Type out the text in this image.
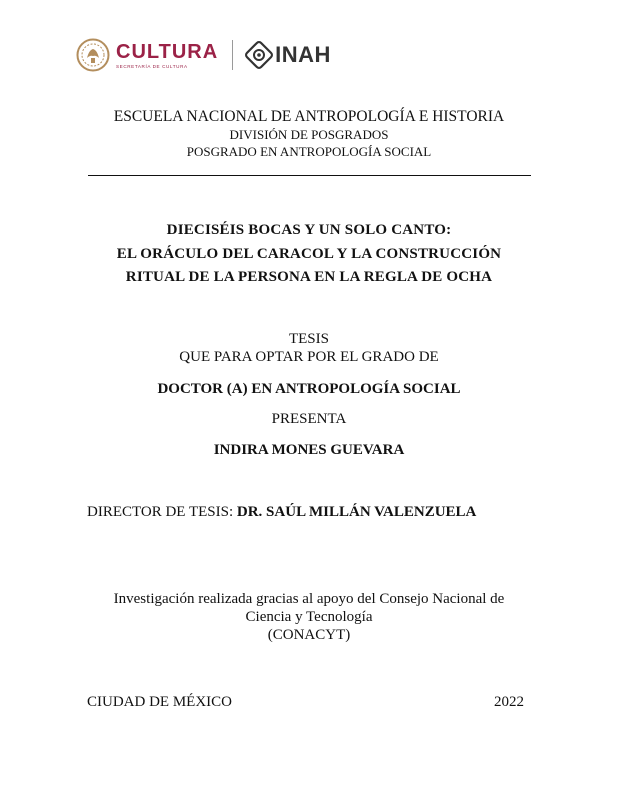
CULTURA
SECRETARÍA DE CULTURA	INAH
ESCUELA NACIONAL DE ANTROPOLOGÍA E HISTORIA
DIVISIÓN DE POSGRADOS
POSGRADO EN ANTROPOLOGÍA SOCIAL
DIECISÉIS BOCAS Y UN SOLO CANTO:
EL ORÁCULO DEL CARACOL Y LA CONSTRUCCIÓN
RITUAL DE LA PERSONA EN LA REGLA DE OCHA
TESIS
QUE PARA OPTAR POR EL GRADO DE
DOCTOR (A) EN ANTROPOLOGÍA SOCIAL
PRESENTA
INDIRA MONES GUEVARA
DIRECTOR DE TESIS: DR. SAÚL MILLÁN VALENZUELA
Investigación realizada gracias al apoyo del Consejo Nacional de
Ciencia y Tecnología
(CONACYT)
CIUDAD DE MÉXICO	2022
